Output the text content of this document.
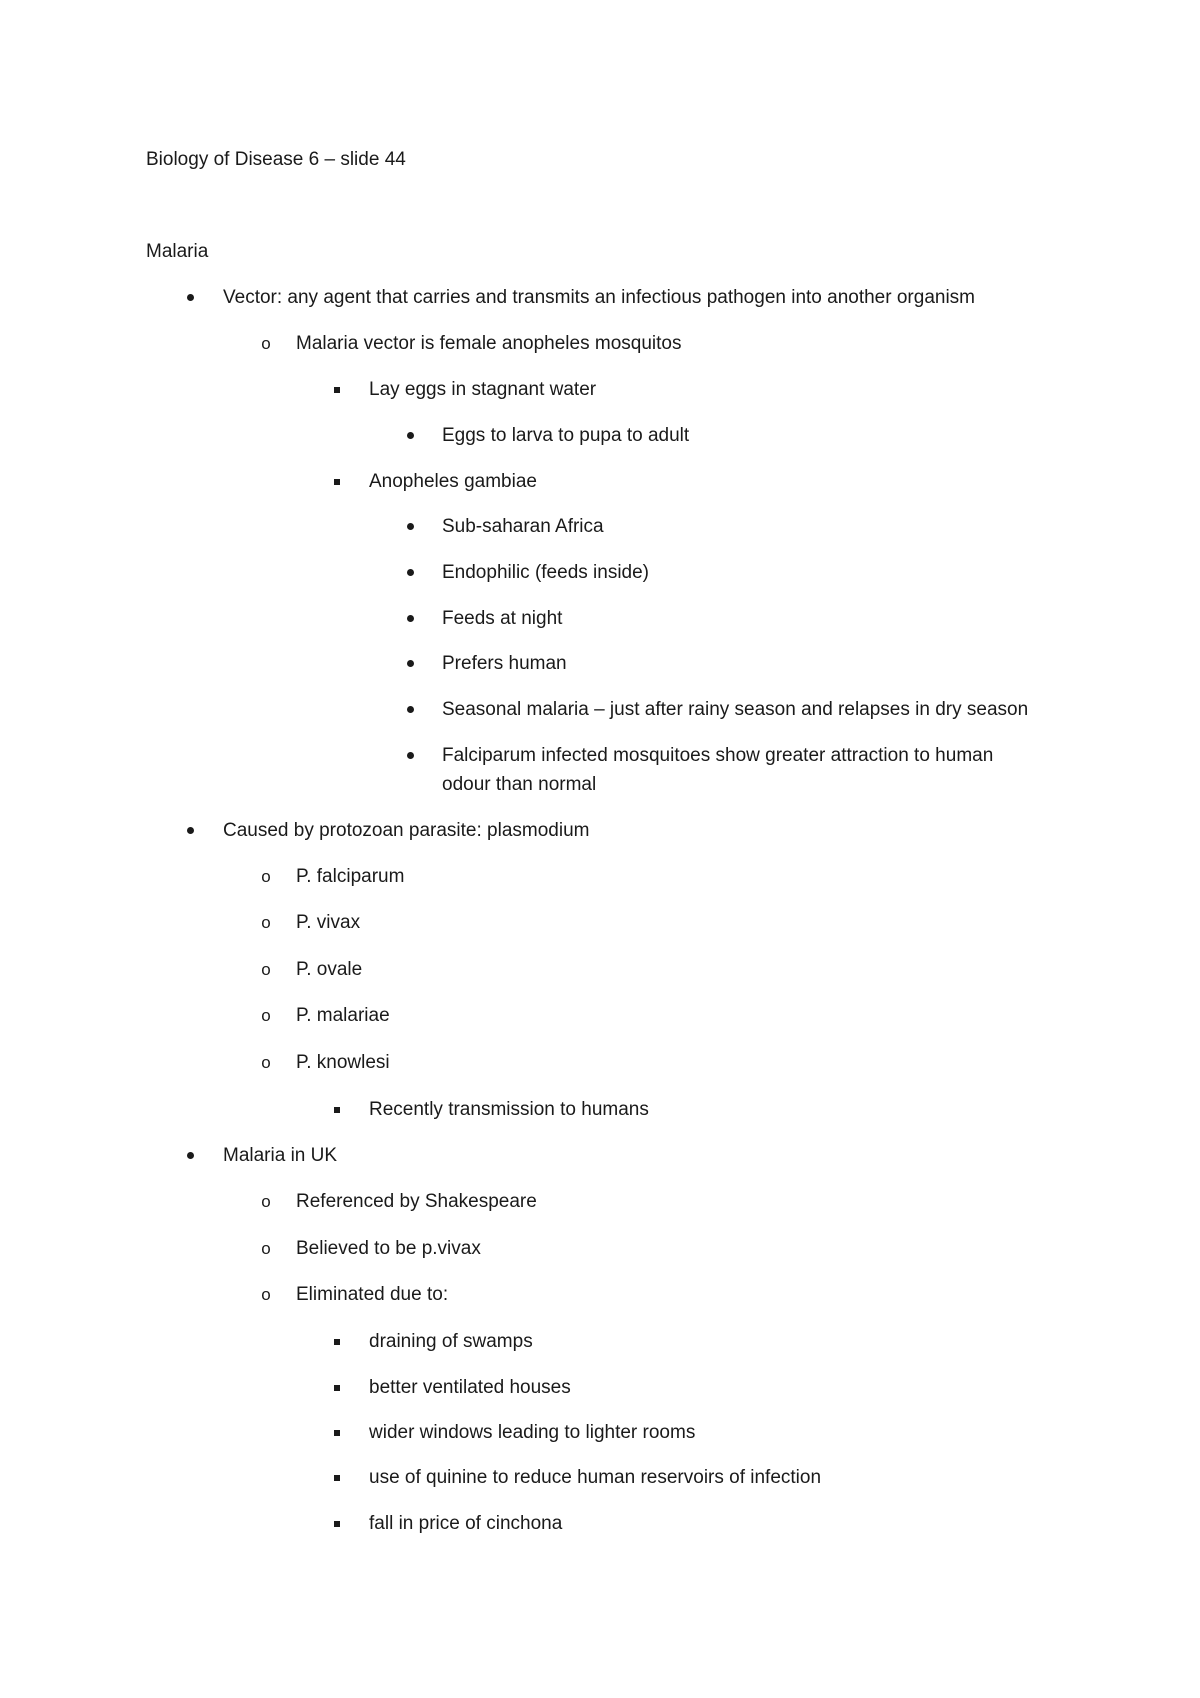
Biology of Disease 6 – slide 44
Malaria
Vector: any agent that carries and transmits an infectious pathogen into another organism
o Malaria vector is female anopheles mosquitos
Lay eggs in stagnant water
Eggs to larva to pupa to adult
Anopheles gambiae
Sub-saharan Africa
Endophilic (feeds inside)
Feeds at night
Prefers human
Seasonal malaria – just after rainy season and relapses in dry season
Falciparum infected mosquitoes show greater attraction to human
odour than normal
Caused by protozoan parasite: plasmodium
o P. falciparum
o P. vivax
o P. ovale
o P. malariae
o P. knowlesi
Recently transmission to humans
Malaria in UK
o Referenced by Shakespeare
o Believed to be p.vivax
o Eliminated due to:
draining of swamps
better ventilated houses
wider windows leading to lighter rooms
use of quinine to reduce human reservoirs of infection
fall in price of cinchona
